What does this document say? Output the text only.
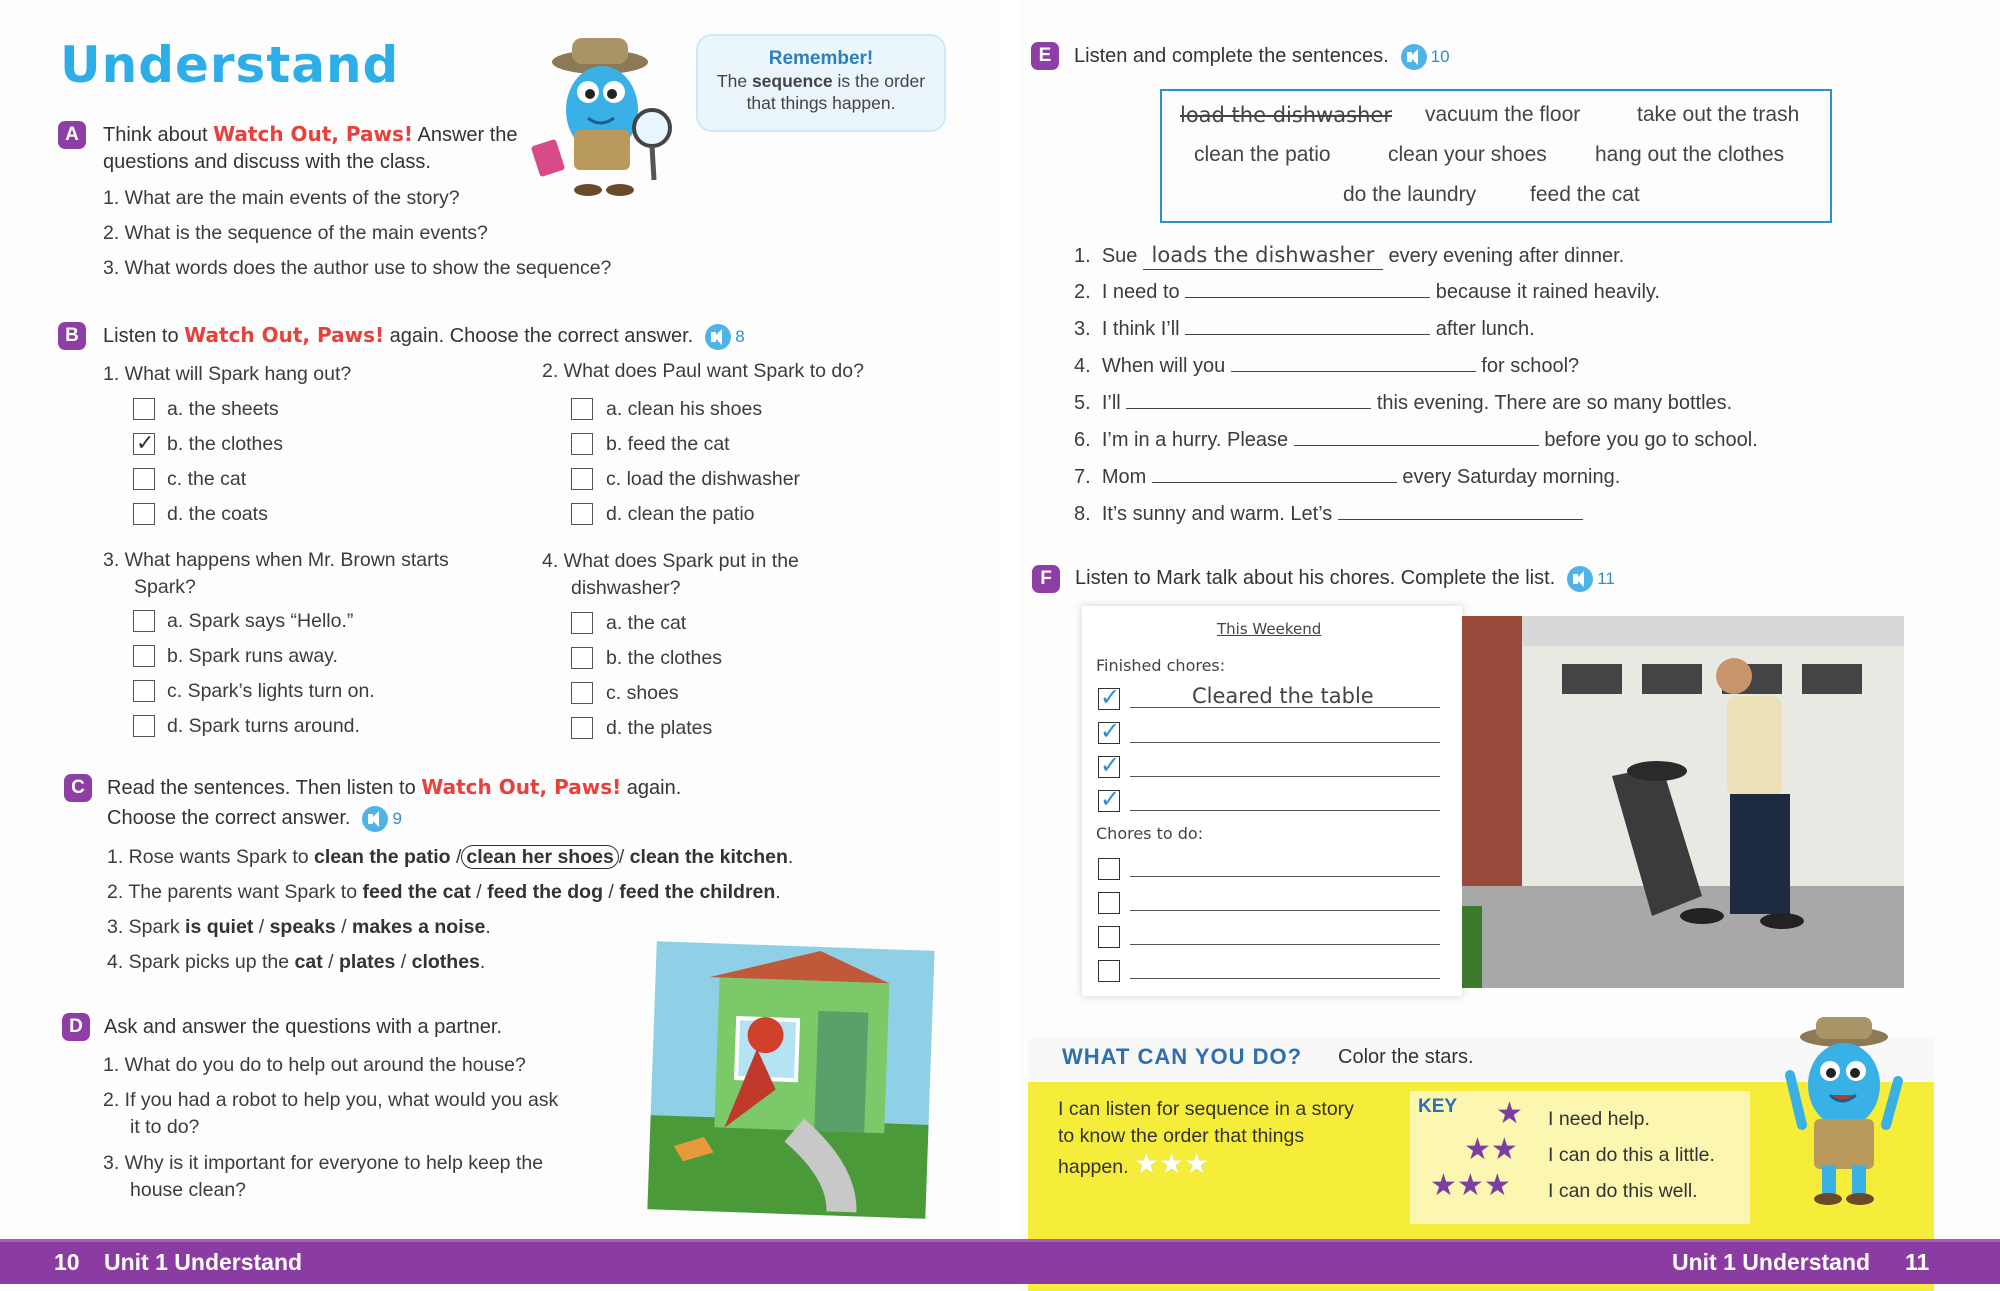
Understand	Remember!
The sequence is the order that things happen.
A	Think about Watch Out, Paws! Answer the questions and discuss with the class.
1. What are the main events of the story?
2. What is the sequence of the main events?
3. What words does the author use to show the sequence?
B	Listen to Watch Out, Paws! again. Choose the correct answer. 8
1. What will Spark hang out?
a. the sheets
✓
b. the clothes
c. the cat
d. the coats
2. What does Paul want Spark to do?
a. clean his shoes
b. feed the cat
c. load the dishwasher
d. clean the patio
3. What happens when Mr. Brown starts
Spark?
a. Spark says “Hello.”
b. Spark runs away.
c. Spark’s lights turn on.
d. Spark turns around.
4. What does Spark put in the
dishwasher?
a. the cat
b. the clothes
c. shoes
d. the plates
C	Read the sentences. Then listen to Watch Out, Paws! again.
Choose the correct answer. 9
1. Rose wants Spark to clean the patio / clean her shoes / clean the kitchen.
2. The parents want Spark to feed the cat / feed the dog / feed the children.
3. Spark is quiet / speaks / makes a noise.
4. Spark picks up the cat / plates / clothes.
D	Ask and answer the questions with a partner.
1. What do you do to help out around the house?
2. If you had a robot to help you, what would you ask
it to do?
3. Why is it important for everyone to help keep the
house clean?
E	Listen and complete the sentences. 10
load the dishwasher vacuum the floor	take out the trash
clean the patio	clean your shoes hang out the clothes
do the laundry	feed the cat
1. Sue loads the dishwasher every evening after dinner.
2. I need to	because it rained heavily.
3. I think I’ll	after lunch.
4. When will you	for school?
5. I’ll	this evening. There are so many bottles.
6. I’m in a hurry. Please	before you go to school.
7. Mom	every Saturday morning.
8. It’s sunny and warm. Let’s
F	Listen to Mark talk about his chores. Complete the list. 11
This Weekend
Finished chores:
✓
Cleared the table
✓
✓
✓
Chores to do:
WHAT CAN YOU DO? Color the stars.
I can listen for sequence in a story
to know the order that things
happen. ★★★
KEY ★ I need help.
★★ I can do this a little.
★★★ I can do this well.
10 Unit 1 Understand	Unit 1 Understand 11
